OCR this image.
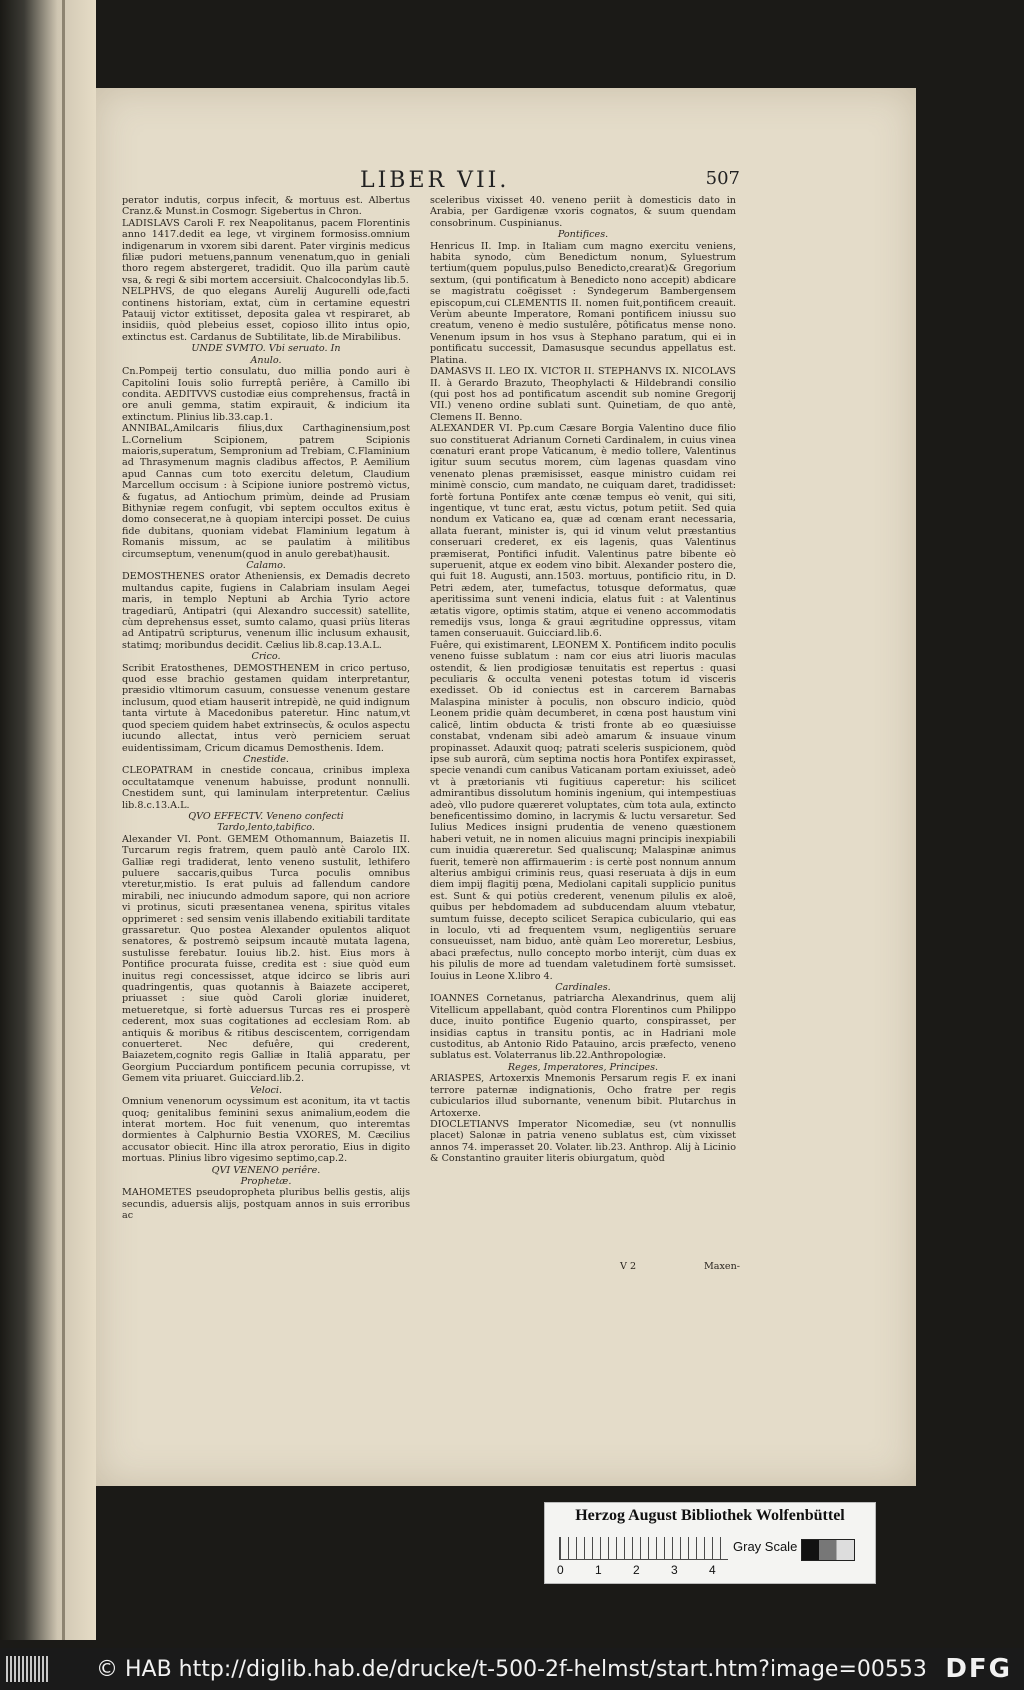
LIBER VII.	507

perator indutis, corpus infecit, & mortuus est. Albertus Cranz.& Munst.in Cosmogr. Sigebertus in Chron.

LADISLAVS Caroli F. rex Neapolitanus, pacem Florentinis anno 1417.dedit ea lege, vt virginem formosiss.omnium indigenarum in vxorem sibi darent. Pater virginis medicus filiæ pudori metuens,pannum venenatum,quo in geniali thoro regem abstergeret, tradidit. Quo illa parùm cautè vsa, & regi & sibi mortem accersiuit. Chalcocondylas lib.5.

NELPHVS, de quo elegans Aurelij Augurelli ode,facti continens historiam, extat, cùm in certamine equestri Patauij victor extitisset, deposita galea vt respiraret, ab insidiis, quòd plebeius esset, copioso illito intus opio, extinctus est. Cardanus de Subtilitate, lib.de Mirabilibus.

UNDE SVMTO. Vbi seruato. In

Anulo.

Cn.Pompeij tertio consulatu, duo millia pondo auri è Capitolini Iouis solio furreptâ periêre, à Camillo ibi condita. AEDITVVS custodiæ eius comprehensus, fractâ in ore anuli gemma, statim expirauit, & indicium ita extinctum. Plinius lib.33.cap.1.

ANNIBAL,Amilcaris filius,dux Carthaginensium,post L.Cornelium Scipionem, patrem Scipionis maioris,superatum, Sempronium ad Trebiam, C.Flaminium ad Thrasymenum magnis cladibus affectos, P. Aemilium apud Cannas cum toto exercitu deletum, Claudium Marcellum occisum : à Scipione iuniore postremò victus, & fugatus, ad Antiochum primùm, deinde ad Prusiam Bithyniæ regem confugit, vbi septem occultos exitus è domo consecerat,ne à quopiam intercipi posset. De cuius fide dubitans, quoniam videbat Flaminium legatum à Romanis missum, ac se paulatim à militibus circumseptum, venenum(quod in anulo gerebat)hausit.

Calamo.

DEMOSTHENES orator Atheniensis, ex Demadis decreto multandus capite, fugiens in Calabriam insulam Aegei maris, in templo Neptuni ab Archia Tyrio actore tragediarū, Antipatri (qui Alexandro successit) satellite, cùm deprehensus esset, sumto calamo, quasi priùs literas ad Antipatrū scripturus, venenum illic inclusum exhausit, statimq; moribundus decidit. Cælius lib.8.cap.13.A.L.

Crico.

Scribit Eratosthenes, DEMOSTHENEM in crico pertuso, quod esse brachio gestamen quidam interpretantur, præsidio vltimorum casuum, consuesse venenum gestare inclusum, quod etiam hauserit intrepidè, ne quid indignum tanta virtute à Macedonibus pateretur. Hinc natum,vt quod speciem quidem habet extrinsecùs, & oculos aspectu iucundo allectat, intus verò perniciem seruat euidentissimam, Cricum dicamus Demosthenis. Idem.

Cnestide.

CLEOPATRAM in cnestide concaua, crinibus implexa occultatamque venenum habuisse, produnt nonnulli. Cnestidem sunt, qui laminulam interpretentur. Cælius lib.8.c.13.A.L.

QVO EFFECTV. Veneno confecti

Tardo,lento,tabifico.

Alexander VI. Pont. GEMEM Othomannum, Baiazetis II. Turcarum regis fratrem, quem paulò antè Carolo IIX. Galliæ regi tradiderat, lento veneno sustulit, lethifero puluere saccaris,quibus Turca poculis omnibus vteretur,mistio. Is erat puluis ad fallendum candore mirabili, nec iniucundo admodum sapore, qui non acriore vi protinus, sicuti præsentanea venena, spiritus vitales opprimeret : sed sensim venis illabendo exitiabili tarditate grassaretur. Quo postea Alexander opulentos aliquot senatores, & postremò seipsum incautè mutata lagena, sustulisse ferebatur. Iouius lib.2. hist. Eius mors à Pontifice procurata fuisse, credita est : siue quòd eum inuitus regi concessisset, atque idcirco se libris auri quadringentis, quas quotannis à Baiazete acciperet, priuasset : siue quòd Caroli gloriæ inuideret, metueretque, si fortè aduersus Turcas res ei prosperè cederent, mox suas cogitationes ad ecclesiam Rom. ab antiquis & moribus & ritibus desciscentem, corrigendam conuerteret. Nec defuêre, qui crederent, Baiazetem,cognito regis Galliæ in Italiā apparatu, per Georgium Pucciardum pontificem pecunia corrupisse, vt Gemem vita priuaret. Guicciard.lib.2.

Veloci.

Omnium venenorum ocyssimum est aconitum, ita vt tactis quoq; genitalibus feminini sexus animalium,eodem die interat mortem. Hoc fuit venenum, quo interemtas dormientes à Calphurnio Bestia VXORES, M. Cæcilius accusator obiecit. Hinc illa atrox peroratio, Eius in digito mortuas. Plinius libro vigesimo septimo,cap.2.

QVI VENENO periêre.

Prophetæ.

MAHOMETES pseudopropheta pluribus bellis gestis, alijs secundis, aduersis alijs, postquam annos in suis erroribus ac

sceleribus vixisset 40. veneno periit à domesticis dato in Arabia, per Gardigenæ vxoris cognatos, & suum quendam consobrinum. Cuspinianus.

Pontifices.

Henricus II. Imp. in Italiam cum magno exercitu veniens, habita synodo, cùm Benedictum nonum, Syluestrum tertium(quem populus,pulso Benedicto,crearat)& Gregorium sextum, (qui pontificatum à Benedicto nono accepit) abdicare se magistratu coëgisset : Syndegerum Bambergensem episcopum,cui CLEMENTIS II. nomen fuit,pontificem creauit. Verùm abeunte Imperatore, Romani pontificem iniussu suo creatum, veneno è medio sustulêre, pôtificatus mense nono. Venenum ipsum in hos vsus à Stephano paratum, qui ei in pontificatu successit, Damasusque secundus appellatus est. Platina.

DAMASVS II. LEO IX. VICTOR II. STEPHANVS IX. NICOLAVS II. à Gerardo Brazuto, Theophylacti & Hildebrandi consilio (qui post hos ad pontificatum ascendit sub nomine Gregorij VII.) veneno ordine sublati sunt. Quinetiam, de quo antè, Clemens II. Benno.

ALEXANDER VI. Pp.cum Cæsare Borgia Valentino duce filio suo constituerat Adrianum Corneti Cardinalem, in cuius vinea cœnaturi erant prope Vaticanum, è medio tollere, Valentinus igitur suum secutus morem, cùm lagenas quasdam vino venenato plenas præmisisset, easque ministro cuidam rei minimè conscio, cum mandato, ne cuiquam daret, tradidisset: fortè fortuna Pontifex ante cœnæ tempus eò venit, qui siti, ingentique, vt tunc erat, æstu victus, potum petiit. Sed quia nondum ex Vaticano ea, quæ ad cœnam erant necessaria, allata fuerant, minister is, qui id vinum velut præstantius conseruari crederet, ex eis lagenis, quas Valentinus præmiserat, Pontifici infudit. Valentinus patre bibente eò superuenit, atque ex eodem vino bibit. Alexander postero die, qui fuit 18. Augusti, ann.1503. mortuus, pontificio ritu, in D. Petri ædem, ater, tumefactus, totusque deformatus, quæ aperitissima sunt veneni indicia, elatus fuit : at Valentinus ætatis vigore, optimis statim, atque ei veneno accommodatis remedijs vsus, longa & graui ægritudine oppressus, vitam tamen conseruauit. Guicciard.lib.6.

Fuêre, qui existimarent, LEONEM X. Pontificem indito poculis veneno fuisse sublatum : nam cor eius atri liuoris maculas ostendit, & lien prodigiosæ tenuitatis est repertus : quasi peculiaris & occulta veneni potestas totum id visceris exedisset. Ob id coniectus est in carcerem Barnabas Malaspina minister à poculis, non obscuro indicio, quòd Leonem pridie quàm decumberet, in cœna post haustum vini calicē, lintim obducta & tristi fronte ab eo quæsiuisse constabat, vndenam sibi adeò amarum & insuaue vinum propinasset. Adauxit quoq; patrati sceleris suspicionem, quòd ipse sub aurorā, cùm septima noctis hora Pontifex expirasset, specie venandi cum canibus Vaticanam portam exiuisset, adeò vt à prætorianis vti fugitiuus caperetur: his scilicet admirantibus dissolutum hominis ingenium, qui intempestiuas adeò, vllo pudore quæreret voluptates, cùm tota aula, extincto beneficentissimo domino, in lacrymis & luctu versaretur. Sed Iulius Medices insigni prudentia de veneno quæstionem haberi vetuit, ne in nomen alicuius magni principis inexpiabili cum inuidia quæreretur. Sed qualiscunq; Malaspinæ animus fuerit, temerè non affirmauerim : is certè post nonnum annum alterius ambigui criminis reus, quasi reseruata à dijs in eum diem impij flagitij pœna, Mediolani capitali supplicio punitus est. Sunt & qui potiùs crederent, venenum pilulis ex aloë, quibus per hebdomadem ad subducendam aluum vtebatur, sumtum fuisse, decepto scilicet Serapica cubiculario, qui eas in loculo, vti ad frequentem vsum, negligentiùs seruare consueuisset, nam biduo, antè quàm Leo moreretur, Lesbius, abaci præfectus, nullo concepto morbo interijt, cùm duas ex his pilulis de more ad tuendam valetudinem fortè sumsisset. Iouius in Leone X.libro 4.

Cardinales.

IOANNES Cornetanus, patriarcha Alexandrinus, quem alij Vitellicum appellabant, quòd contra Florentinos cum Philippo duce, inuito pontifice Eugenio quarto, conspirasset, per insidias captus in transitu pontis, ac in Hadriani mole custoditus, ab Antonio Rido Patauino, arcis præfecto, veneno sublatus est. Volaterranus lib.22.Anthropologiæ.

Reges, Imperatores, Principes.

ARIASPES, Artoxerxis Mnemonis Persarum regis F. ex inani terrore paternæ indignationis, Ocho fratre per regis cubicularios illud subornante, venenum bibit. Plutarchus in Artoxerxe.

DIOCLETIANVS Imperator Nicomediæ, seu (vt nonnullis placet) Salonæ in patria veneno sublatus est, cùm vixisset annos 74. imperasset 20. Volater. lib.23. Anthrop. Alij à Licinio & Constantino grauiter literis obiurgatum, quòd

V 2	Maxen-
Herzog August Bibliothek Wolfenbüttel
Gray Scale
0	1	2	3	4
© HAB http://diglib.hab.de/drucke/t-500-2f-helmst/start.htm?image=00553 DFG
